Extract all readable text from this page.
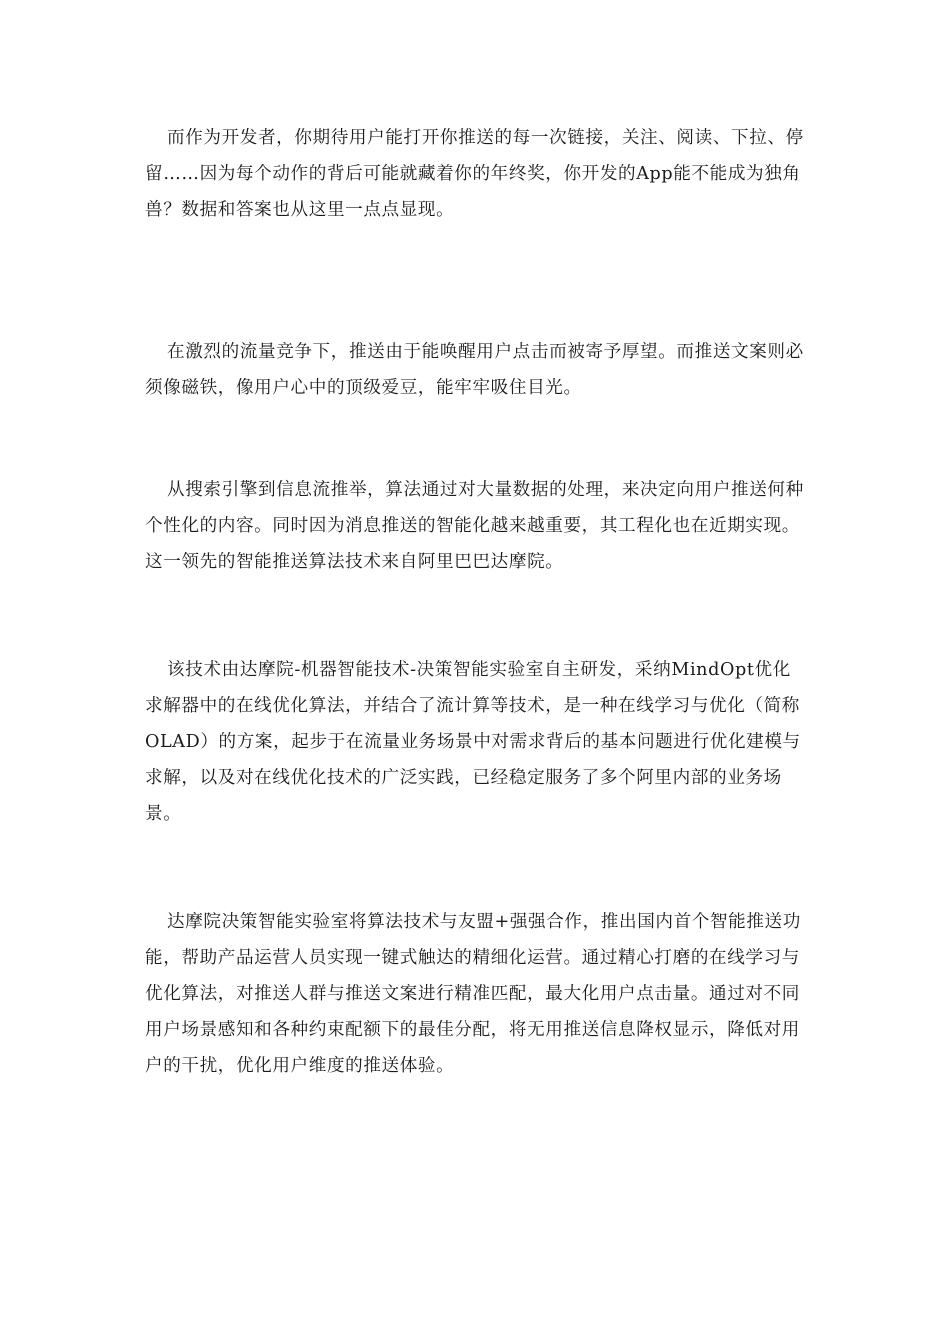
而作为开发者，你期待用户能打开你推送的每一次链接，关注、阅读、下拉、停留……因为每个动作的背后可能就藏着你的年终奖，你开发的App能不能成为独角兽？数据和答案也从这里一点点显现。

在激烈的流量竞争下，推送由于能唤醒用户点击而被寄予厚望。而推送文案则必须像磁铁，像用户心中的顶级爱豆，能牢牢吸住目光。

从搜索引擎到信息流推举，算法通过对大量数据的处理，来决定向用户推送何种个性化的内容。同时因为消息推送的智能化越来越重要，其工程化也在近期实现。这一领先的智能推送算法技术来自阿里巴巴达摩院。

该技术由达摩院-机器智能技术-决策智能实验室自主研发，采纳MindOpt优化求解器中的在线优化算法，并结合了流计算等技术，是一种在线学习与优化（简称OLAD）的方案，起步于在流量业务场景中对需求背后的基本问题进行优化建模与求解，以及对在线优化技术的广泛实践，已经稳定服务了多个阿里内部的业务场景。

达摩院决策智能实验室将算法技术与友盟+强强合作，推出国内首个智能推送功能，帮助产品运营人员实现一键式触达的精细化运营。通过精心打磨的在线学习与优化算法，对推送人群与推送文案进行精准匹配，最大化用户点击量。通过对不同用户场景感知和各种约束配额下的最佳分配，将无用推送信息降权显示，降低对用户的干扰，优化用户维度的推送体验。
